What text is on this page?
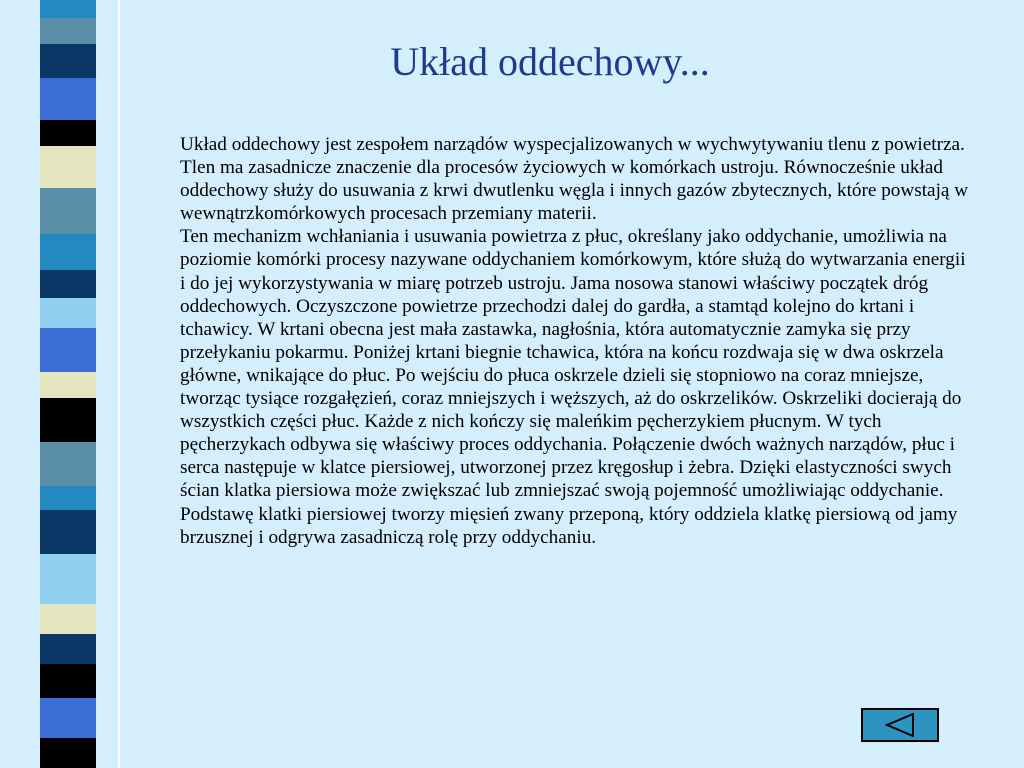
Układ oddechowy...

Układ oddechowy jest zespołem narządów wyspecjalizowanych w wychwytywaniu tlenu z powietrza. Tlen ma zasadnicze znaczenie dla procesów życiowych w komórkach ustroju. Równocześnie układ oddechowy służy do usuwania z krwi dwutlenku węgla i innych gazów zbytecznych, które powstają w wewnątrzkomórkowych procesach przemiany materii.
Ten mechanizm wchłaniania i usuwania powietrza z płuc, określany jako oddychanie, umożliwia na poziomie komórki procesy nazywane oddychaniem komórkowym, które służą do wytwarzania energii i do jej wykorzystywania w miarę potrzeb ustroju. Jama nosowa stanowi właściwy początek dróg oddechowych. Oczyszczone powietrze przechodzi dalej do gardła, a stamtąd kolejno do krtani i tchawicy. W krtani obecna jest mała zastawka, nagłośnia, która automatycznie zamyka się przy przełykaniu pokarmu. Poniżej krtani biegnie tchawica, która na końcu rozdwaja się w dwa oskrzela główne, wnikające do płuc. Po wejściu do płuca oskrzele dzieli się stopniowo na coraz mniejsze, tworząc tysiące rozgałęzień, coraz mniejszych i węższych, aż do oskrzelików. Oskrzeliki docierają do wszystkich części płuc. Każde z nich kończy się maleńkim pęcherzykiem płucnym. W tych pęcherzykach odbywa się właściwy proces oddychania. Połączenie dwóch ważnych narządów, płuc i serca następuje w klatce piersiowej, utworzonej przez kręgosłup i żebra. Dzięki elastyczności swych ścian klatka piersiowa może zwiększać lub zmniejszać swoją pojemność umożliwiając oddychanie. Podstawę klatki piersiowej tworzy mięsień zwany przeponą, który oddziela klatkę piersiową od jamy brzusznej i odgrywa zasadniczą rolę przy oddychaniu.
